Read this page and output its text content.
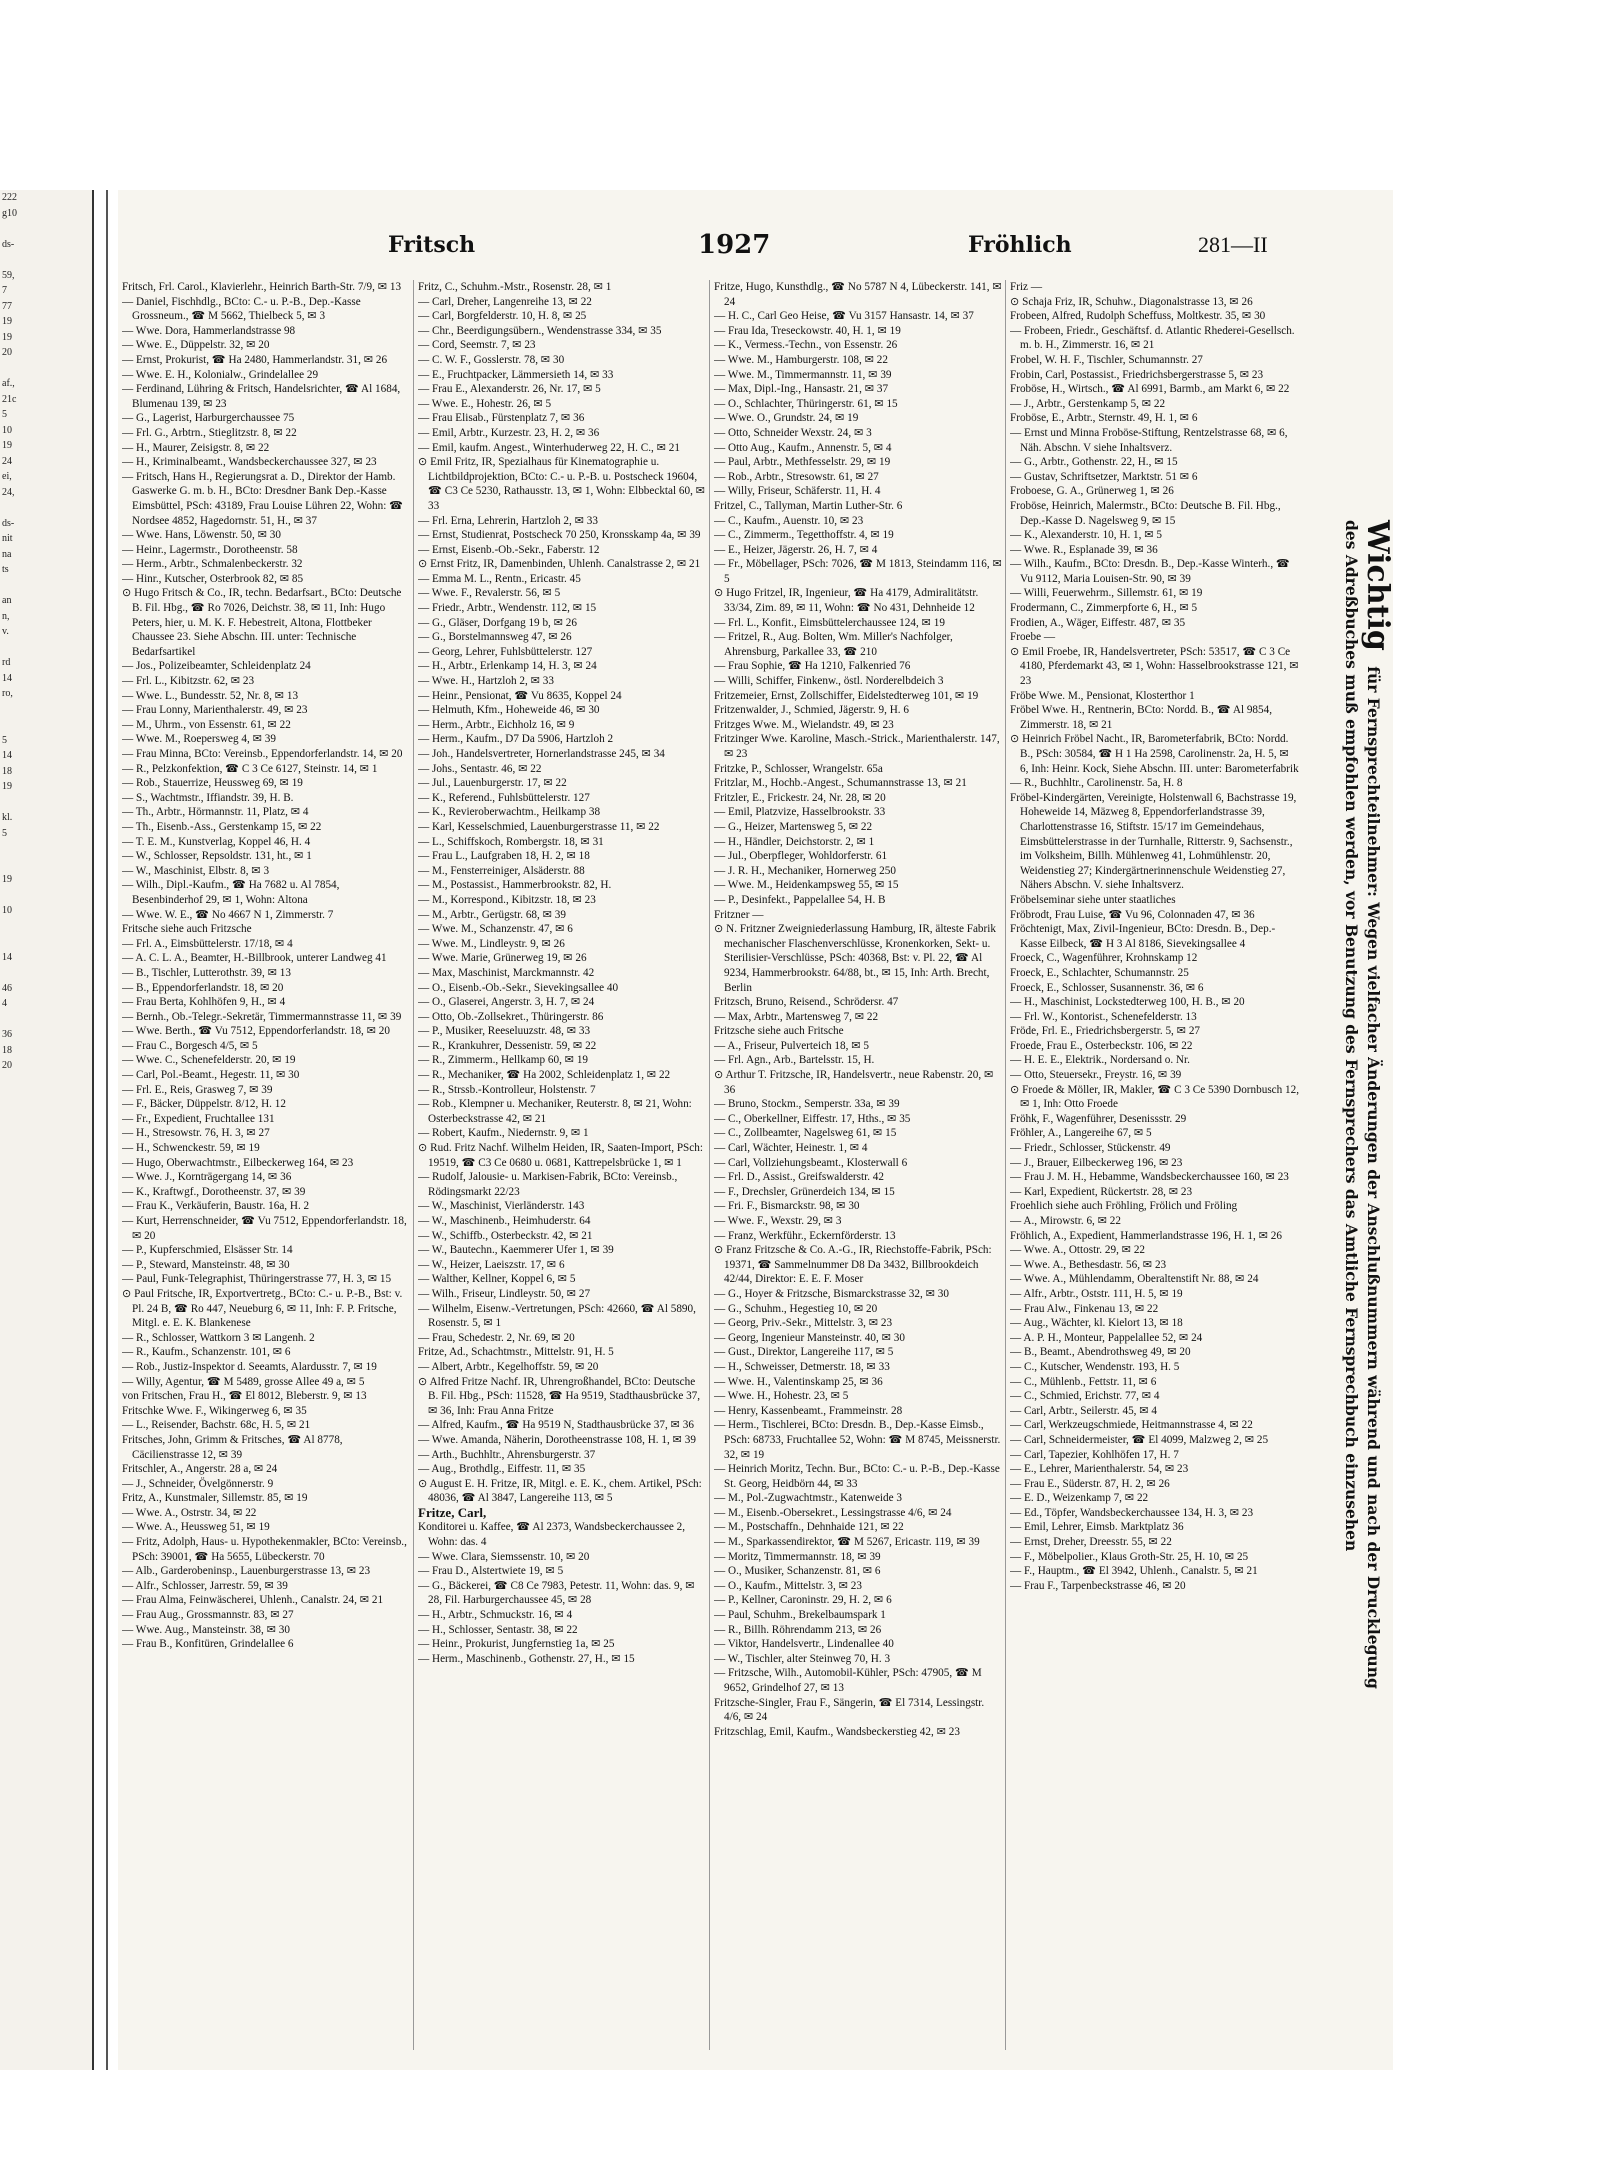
222
g10
ds-
59,
7
77
19
19
20
af.,
21c
5
10
19
24
ei,
24,
ds-
nit
na
ts
an
n,
v.
rd
14
ro,
5
14
18
19
kl.
5
19
10
14
46
4
36
18
20
Fritsch	1927	Fröhlich	281—II

Fritsch, Frl. Carol., Klavierlehr., Heinrich Barth-Str. 7/9, ✉ 13

— Daniel, Fischhdlg., BCto: C.- u. P.-B., Dep.-Kasse Grossneum., ☎ M 5662, Thielbeck 5, ✉ 3

— Wwe. Dora, Hammerlandstrasse 98

— Wwe. E., Düppelstr. 32, ✉ 20

— Ernst, Prokurist, ☎ Ha 2480, Hammerlandstr. 31, ✉ 26

— Wwe. E. H., Kolonialw., Grindelallee 29

— Ferdinand, Lühring & Fritsch, Handelsrichter, ☎ Al 1684, Blumenau 139, ✉ 23

— G., Lagerist, Harburgerchaussee 75

— Frl. G., Arbtrn., Stieglitzstr. 8, ✉ 22

— H., Maurer, Zeisigstr. 8, ✉ 22

— H., Kriminalbeamt., Wandsbeckerchaussee 327, ✉ 23

— Fritsch, Hans H., Regierungsrat a. D., Direktor der Hamb. Gaswerke G. m. b. H., BCto: Dresdner Bank Dep.-Kasse Eimsbüttel, PSch: 43189, Frau Louise Lühren 22, Wohn: ☎ Nordsee 4852, Hagedornstr. 51, H., ✉ 37

— Wwe. Hans, Löwenstr. 50, ✉ 30

— Heinr., Lagermstr., Dorotheenstr. 58

— Herm., Arbtr., Schmalenbeckerstr. 32

— Hinr., Kutscher, Osterbrook 82, ✉ 85

⊙ Hugo Fritsch & Co., IR, techn. Bedarfsart., BCto: Deutsche B. Fil. Hbg., ☎ Ro 7026, Deichstr. 38, ✉ 11, Inh: Hugo Peters, hier, u. M. K. F. Hebestreit, Altona, Flottbeker Chaussee 23. Siehe Abschn. III. unter: Technische Bedarfsartikel

— Jos., Polizeibeamter, Schleidenplatz 24

— Frl. L., Kibitzstr. 62, ✉ 23

— Wwe. L., Bundesstr. 52, Nr. 8, ✉ 13

— Frau Lonny, Marienthalerstr. 49, ✉ 23

— M., Uhrm., von Essenstr. 61, ✉ 22

— Wwe. M., Roepersweg 4, ✉ 39

— Frau Minna, BCto: Vereinsb., Eppendorferlandstr. 14, ✉ 20

— R., Pelzkonfektion, ☎ C 3 Ce 6127, Steinstr. 14, ✉ 1

— Rob., Stauerrize, Heussweg 69, ✉ 19

— S., Wachtmstr., Iffiandstr. 39, H. B.

— Th., Arbtr., Hörmannstr. 11, Platz, ✉ 4

— Th., Eisenb.-Ass., Gerstenkamp 15, ✉ 22

— T. E. M., Kunstverlag, Koppel 46, H. 4

— W., Schlosser, Repsoldstr. 131, ht., ✉ 1

— W., Maschinist, Elbstr. 8, ✉ 3

— Wilh., Dipl.-Kaufm., ☎ Ha 7682 u. Al 7854, Besenbinderhof 29, ✉ 1, Wohn: Altona

— Wwe. W. E., ☎ No 4667 N 1, Zimmerstr. 7

Fritsche siehe auch Fritzsche

— Frl. A., Eimsbüttelerstr. 17/18, ✉ 4

— A. C. L. A., Beamter, H.-Billbrook, unterer Landweg 41

— B., Tischler, Lutterothstr. 39, ✉ 13

— B., Eppendorferlandstr. 18, ✉ 20

— Frau Berta, Kohlhöfen 9, H., ✉ 4

— Bernh., Ob.-Telegr.-Sekretär, Timmermannstrasse 11, ✉ 39

— Wwe. Berth., ☎ Vu 7512, Eppendorferlandstr. 18, ✉ 20

— Frau C., Borgesch 4/5, ✉ 5

— Wwe. C., Schenefelderstr. 20, ✉ 19

— Carl, Pol.-Beamt., Hegestr. 11, ✉ 30

— Frl. E., Reis, Grasweg 7, ✉ 39

— F., Bäcker, Düppelstr. 8/12, H. 12

— Fr., Expedient, Fruchtallee 131

— H., Stresowstr. 76, H. 3, ✉ 27

— H., Schwenckestr. 59, ✉ 19

— Hugo, Oberwachtmstr., Eilbeckerweg 164, ✉ 23

— Wwe. J., Kornträgergang 14, ✉ 36

— K., Kraftwgf., Dorotheenstr. 37, ✉ 39

— Frau K., Verkäuferin, Baustr. 16a, H. 2

— Kurt, Herrenschneider, ☎ Vu 7512, Eppendorferlandstr. 18, ✉ 20

— P., Kupferschmied, Elsässer Str. 14

— P., Steward, Mansteinstr. 48, ✉ 30

— Paul, Funk-Telegraphist, Thüringerstrasse 77, H. 3, ✉ 15

⊙ Paul Fritsche, IR, Exportvertretg., BCto: C.- u. P.-B., Bst: v. Pl. 24 B, ☎ Ro 447, Neueburg 6, ✉ 11, Inh: F. P. Fritsche, Mitgl. e. E. K. Blankenese

— R., Schlosser, Wattkorn 3 ✉ Langenh. 2

— R., Kaufm., Schanzenstr. 101, ✉ 6

— Rob., Justiz-Inspektor d. Seeamts, Alardusstr. 7, ✉ 19

— Willy, Agentur, ☎ M 5489, grosse Allee 49 a, ✉ 5

von Fritschen, Frau H., ☎ El 8012, Bleberstr. 9, ✉ 13

Fritschke Wwe. F., Wikingerweg 6, ✉ 35

— L., Reisender, Bachstr. 68c, H. 5, ✉ 21

Fritsches, John, Grimm & Fritsches, ☎ Al 8778, Cäcilienstrasse 12, ✉ 39

Fritschler, A., Angerstr. 28 a, ✉ 24

— J., Schneider, Övelgönnerstr. 9

Fritz, A., Kunstmaler, Sillemstr. 85, ✉ 19

— Wwe. A., Ostrstr. 34, ✉ 22

— Wwe. A., Heussweg 51, ✉ 19

— Fritz, Adolph, Haus- u. Hypothekenmakler, BCto: Vereinsb., PSch: 39001, ☎ Ha 5655, Lübeckerstr. 70

— Alb., Garderobeninsp., Lauenburgerstrasse 13, ✉ 23

— Alfr., Schlosser, Jarrestr. 59, ✉ 39

— Frau Alma, Feinwäscherei, Uhlenh., Canalstr. 24, ✉ 21

— Frau Aug., Grossmannstr. 83, ✉ 27

— Wwe. Aug., Mansteinstr. 38, ✉ 30

— Frau B., Konfitüren, Grindelallee 6

Fritz, C., Schuhm.-Mstr., Rosenstr. 28, ✉ 1

— Carl, Dreher, Langenreihe 13, ✉ 22

— Carl, Borgfelderstr. 10, H. 8, ✉ 25

— Chr., Beerdigungsübern., Wendenstrasse 334, ✉ 35

— Cord, Seemstr. 7, ✉ 23

— C. W. F., Gosslerstr. 78, ✉ 30

— E., Fruchtpacker, Lämmersieth 14, ✉ 33

— Frau E., Alexanderstr. 26, Nr. 17, ✉ 5

— Wwe. E., Hohestr. 26, ✉ 5

— Frau Elisab., Fürstenplatz 7, ✉ 36

— Emil, Arbtr., Kurzestr. 23, H. 2, ✉ 36

— Emil, kaufm. Angest., Winterhuderweg 22, H. C., ✉ 21

⊙ Emil Fritz, IR, Spezialhaus für Kinematographie u. Lichtbildprojektion, BCto: C.- u. P.-B. u. Postscheck 19604, ☎ C3 Ce 5230, Rathausstr. 13, ✉ 1, Wohn: Elbbecktal 60, ✉ 33

— Frl. Erna, Lehrerin, Hartzloh 2, ✉ 33

— Ernst, Studienrat, Postscheck 70 250, Kronsskamp 4a, ✉ 39

— Ernst, Eisenb.-Ob.-Sekr., Faberstr. 12

⊙ Ernst Fritz, IR, Damenbinden, Uhlenh. Canalstrasse 2, ✉ 21

— Emma M. L., Rentn., Ericastr. 45

— Wwe. F., Revalerstr. 56, ✉ 5

— Friedr., Arbtr., Wendenstr. 112, ✉ 15

— G., Gläser, Dorfgang 19 b, ✉ 26

— G., Borstelmannsweg 47, ✉ 26

— Georg, Lehrer, Fuhlsbüttelerstr. 127

— H., Arbtr., Erlenkamp 14, H. 3, ✉ 24

— Wwe. H., Hartzloh 2, ✉ 33

— Heinr., Pensionat, ☎ Vu 8635, Koppel 24

— Helmuth, Kfm., Hoheweide 46, ✉ 30

— Herm., Arbtr., Eichholz 16, ✉ 9

— Herm., Kaufm., D7 Da 5906, Hartzloh 2

— Joh., Handelsvertreter, Hornerlandstrasse 245, ✉ 34

— Johs., Sentastr. 46, ✉ 22

— Jul., Lauenburgerstr. 17, ✉ 22

— K., Referend., Fuhlsbüttelerstr. 127

— K., Revieroberwachtm., Heilkamp 38

— Karl, Kesselschmied, Lauenburgerstrasse 11, ✉ 22

— L., Schiffskoch, Rombergstr. 18, ✉ 31

— Frau L., Laufgraben 18, H. 2, ✉ 18

— M., Fensterreiniger, Alsäderstr. 88

— M., Postassist., Hammerbrookstr. 82, H.

— M., Korrespond., Kibitzstr. 18, ✉ 23

— M., Arbtr., Gerügstr. 68, ✉ 39

— Wwe. M., Schanzenstr. 47, ✉ 6

— Wwe. M., Lindleystr. 9, ✉ 26

— Wwe. Marie, Grünerweg 19, ✉ 26

— Max, Maschinist, Marckmannstr. 42

— O., Eisenb.-Ob.-Sekr., Sievekingsallee 40

— O., Glaserei, Angerstr. 3, H. 7, ✉ 24

— Otto, Ob.-Zollsekret., Thüringerstr. 86

— P., Musiker, Reeseluuzstr. 48, ✉ 33

— R., Krankuhrer, Dessenistr. 59, ✉ 22

— R., Zimmerm., Hellkamp 60, ✉ 19

— R., Mechaniker, ☎ Ha 2002, Schleidenplatz 1, ✉ 22

— R., Strssb.-Kontrolleur, Holstenstr. 7

— Rob., Klempner u. Mechaniker, Reuterstr. 8, ✉ 21, Wohn: Osterbeckstrasse 42, ✉ 21

— Robert, Kaufm., Niedernstr. 9, ✉ 1

⊙ Rud. Fritz Nachf. Wilhelm Heiden, IR, Saaten-Import, PSch: 19519, ☎ C3 Ce 0680 u. 0681, Kattrepelsbrücke 1, ✉ 1

— Rudolf, Jalousie- u. Markisen-Fabrik, BCto: Vereinsb., Rödingsmarkt 22/23

— W., Maschinist, Vierländerstr. 143

— W., Maschinenb., Heimhuderstr. 64

— W., Schiffb., Osterbeckstr. 42, ✉ 21

— W., Bautechn., Kaemmerer Ufer 1, ✉ 39

— W., Heizer, Laeiszstr. 17, ✉ 6

— Walther, Kellner, Koppel 6, ✉ 5

— Wilh., Friseur, Lindleystr. 50, ✉ 27

— Wilhelm, Eisenw.-Vertretungen, PSch: 42660, ☎ Al 5890, Rosenstr. 5, ✉ 1

— Frau, Schedestr. 2, Nr. 69, ✉ 20

Fritze, Ad., Schachtmstr., Mittelstr. 91, H. 5

— Albert, Arbtr., Kegelhoffstr. 59, ✉ 20

⊙ Alfred Fritze Nachf. IR, Uhrengroßhandel, BCto: Deutsche B. Fil. Hbg., PSch: 11528, ☎ Ha 9519, Stadthausbrücke 37, ✉ 36, Inh: Frau Anna Fritze

— Alfred, Kaufm., ☎ Ha 9519 N, Stadthausbrücke 37, ✉ 36

— Wwe. Amanda, Näherin, Dorotheenstrasse 108, H. 1, ✉ 39

— Arth., Buchhltr., Ahrensburgerstr. 37

— Aug., Brothdlg., Eiffestr. 11, ✉ 35

⊙ August E. H. Fritze, IR, Mitgl. e. E. K., chem. Artikel, PSch: 48036, ☎ Al 3847, Langereihe 113, ✉ 5

Fritze, Carl,

Konditorei u. Kaffee, ☎ Al 2373, Wandsbeckerchaussee 2, Wohn: das. 4

— Wwe. Clara, Siemssenstr. 10, ✉ 20

— Frau D., Alstertwiete 19, ✉ 5

— G., Bäckerei, ☎ C8 Ce 7983, Petestr. 11, Wohn: das. 9, ✉ 28, Fil. Harburgerchaussee 45, ✉ 28

— H., Arbtr., Schmuckstr. 16, ✉ 4

— H., Schlosser, Sentastr. 38, ✉ 22

— Heinr., Prokurist, Jungfernstieg 1a, ✉ 25

— Herm., Maschinenb., Gothenstr. 27, H., ✉ 15

Fritze, Hugo, Kunsthdlg., ☎ No 5787 N 4, Lübeckerstr. 141, ✉ 24

— H. C., Carl Geo Heise, ☎ Vu 3157 Hansastr. 14, ✉ 37

— Frau Ida, Treseckowstr. 40, H. 1, ✉ 19

— K., Vermess.-Techn., von Essenstr. 26

— Wwe. M., Hamburgerstr. 108, ✉ 22

— Wwe. M., Timmermannstr. 11, ✉ 39

— Max, Dipl.-Ing., Hansastr. 21, ✉ 37

— O., Schlachter, Thüringerstr. 61, ✉ 15

— Wwe. O., Grundstr. 24, ✉ 19

— Otto, Schneider Wexstr. 24, ✉ 3

— Otto Aug., Kaufm., Annenstr. 5, ✉ 4

— Paul, Arbtr., Methfesselstr. 29, ✉ 19

— Rob., Arbtr., Stresowstr. 61, ✉ 27

— Willy, Friseur, Schäferstr. 11, H. 4

Fritzel, C., Tallyman, Martin Luther-Str. 6

— C., Kaufm., Auenstr. 10, ✉ 23

— C., Zimmerm., Tegetthoffstr. 4, ✉ 19

— E., Heizer, Jägerstr. 26, H. 7, ✉ 4

— Fr., Möbellager, PSch: 7026, ☎ M 1813, Steindamm 116, ✉ 5

⊙ Hugo Fritzel, IR, Ingenieur, ☎ Ha 4179, Admiralitätstr. 33/34, Zim. 89, ✉ 11, Wohn: ☎ No 431, Dehnheide 12

— Frl. L., Konfit., Eimsbüttelerchaussee 124, ✉ 19

— Fritzel, R., Aug. Bolten, Wm. Miller's Nachfolger, Ahrensburg, Parkallee 33, ☎ 210

— Frau Sophie, ☎ Ha 1210, Falkenried 76

— Willi, Schiffer, Finkenw., östl. Norderelbdeich 3

Fritzemeier, Ernst, Zollschiffer, Eidelstedterweg 101, ✉ 19

Fritzenwalder, J., Schmied, Jägerstr. 9, H. 6

Fritzges Wwe. M., Wielandstr. 49, ✉ 23

Fritzinger Wwe. Karoline, Masch.-Strick., Marienthalerstr. 147, ✉ 23

Fritzke, P., Schlosser, Wrangelstr. 65a

Fritzlar, M., Hochb.-Angest., Schumannstrasse 13, ✉ 21

Fritzler, E., Frickestr. 24, Nr. 28, ✉ 20

— Emil, Platzvize, Hasselbrookstr. 33

— G., Heizer, Martensweg 5, ✉ 22

— H., Händler, Deichstorstr. 2, ✉ 1

— Jul., Oberpfleger, Wohldorferstr. 61

— J. R. H., Mechaniker, Hornerweg 250

— Wwe. M., Heidenkampsweg 55, ✉ 15

— P., Desinfekt., Pappelallee 54, H. B

Fritzner —

⊙ N. Fritzner Zweigniederlassung Hamburg, IR, älteste Fabrik mechanischer Flaschenverschlüsse, Kronenkorken, Sekt- u. Sterilisier-Verschlüsse, PSch: 40368, Bst: v. Pl. 22, ☎ Al 9234, Hammerbrookstr. 64/88, bt., ✉ 15, Inh: Arth. Brecht, Berlin

Fritzsch, Bruno, Reisend., Schrödersr. 47

— Max, Arbtr., Martensweg 7, ✉ 22

Fritzsche siehe auch Fritsche

— A., Friseur, Pulverteich 18, ✉ 5

— Frl. Agn., Arb., Bartelsstr. 15, H.

⊙ Arthur T. Fritzsche, IR, Handelsvertr., neue Rabenstr. 20, ✉ 36

— Bruno, Stockm., Semperstr. 33a, ✉ 39

— C., Oberkellner, Eiffestr. 17, Hths., ✉ 35

— C., Zollbeamter, Nagelsweg 61, ✉ 15

— Carl, Wächter, Heinestr. 1, ✉ 4

— Carl, Vollziehungsbeamt., Klosterwall 6

— Frl. D., Assist., Greifswalderstr. 42

— F., Drechsler, Grünerdeich 134, ✉ 15

— Fri. F., Bismarckstr. 98, ✉ 30

— Wwe. F., Wexstr. 29, ✉ 3

— Franz, Werkführ., Eckernförderstr. 13

⊙ Franz Fritzsche & Co. A.-G., IR, Riechstoffe-Fabrik, PSch: 19371, ☎ Sammelnummer D8 Da 3432, Billbrookdeich 42/44, Direktor: E. E. F. Moser

— G., Hoyer & Fritzsche, Bismarckstrasse 32, ✉ 30

— G., Schuhm., Hegestieg 10, ✉ 20

— Georg, Priv.-Sekr., Mittelstr. 3, ✉ 23

— Georg, Ingenieur Mansteinstr. 40, ✉ 30

— Gust., Direktor, Langereihe 117, ✉ 5

— H., Schweisser, Detmerstr. 18, ✉ 33

— Wwe. H., Valentinskamp 25, ✉ 36

— Wwe. H., Hohestr. 23, ✉ 5

— Henry, Kassenbeamt., Frammeinstr. 28

— Herm., Tischlerei, BCto: Dresdn. B., Dep.-Kasse Eimsb., PSch: 68733, Fruchtallee 52, Wohn: ☎ M 8745, Meissnerstr. 32, ✉ 19

— Heinrich Moritz, Techn. Bur., BCto: C.- u. P.-B., Dep.-Kasse St. Georg, Heidbörn 44, ✉ 33

— M., Pol.-Zugwachtmstr., Katenweide 3

— M., Eisenb.-Obersekret., Lessingstrasse 4/6, ✉ 24

— M., Postschaffn., Dehnhaide 121, ✉ 22

— M., Sparkassendirektor, ☎ M 5267, Ericastr. 119, ✉ 39

— Moritz, Timmermannstr. 18, ✉ 39

— O., Musiker, Schanzenstr. 81, ✉ 6

— O., Kaufm., Mittelstr. 3, ✉ 23

— P., Kellner, Caroninstr. 29, H. 2, ✉ 6

— Paul, Schuhm., Brekelbaumspark 1

— R., Billh. Röhrendamm 213, ✉ 26

— Viktor, Handelsvertr., Lindenallee 40

— W., Tischler, alter Steinweg 70, H. 3

— Fritzsche, Wilh., Automobil-Kühler, PSch: 47905, ☎ M 9652, Grindelhof 27, ✉ 13

Fritzsche-Singler, Frau F., Sängerin, ☎ El 7314, Lessingstr. 4/6, ✉ 24

Fritzschlag, Emil, Kaufm., Wandsbeckerstieg 42, ✉ 23

Friz —

⊙ Schaja Friz, IR, Schuhw., Diagonalstrasse 13, ✉ 26

Frobeen, Alfred, Rudolph Scheffuss, Moltkestr. 35, ✉ 30

— Frobeen, Friedr., Geschäftsf. d. Atlantic Rhederei-Gesellsch. m. b. H., Zimmerstr. 16, ✉ 21

Frobel, W. H. F., Tischler, Schumannstr. 27

Frobin, Carl, Postassist., Friedrichsbergerstrasse 5, ✉ 23

Froböse, H., Wirtsch., ☎ Al 6991, Barmb., am Markt 6, ✉ 22

— J., Arbtr., Gerstenkamp 5, ✉ 22

Froböse, E., Arbtr., Sternstr. 49, H. 1, ✉ 6

— Ernst und Minna Froböse-Stiftung, Rentzelstrasse 68, ✉ 6, Näh. Abschn. V siehe Inhaltsverz.

— G., Arbtr., Gothenstr. 22, H., ✉ 15

— Gustav, Schriftsetzer, Marktstr. 51 ✉ 6

Froboese, G. A., Grünerweg 1, ✉ 26

Froböse, Heinrich, Malermstr., BCto: Deutsche B. Fil. Hbg., Dep.-Kasse D. Nagelsweg 9, ✉ 15

— K., Alexanderstr. 10, H. 1, ✉ 5

— Wwe. R., Esplanade 39, ✉ 36

— Wilh., Kaufm., BCto: Dresdn. B., Dep.-Kasse Winterh., ☎ Vu 9112, Maria Louisen-Str. 90, ✉ 39

— Willi, Feuerwehrm., Sillemstr. 61, ✉ 19

Frodermann, C., Zimmerpforte 6, H., ✉ 5

Frodien, A., Wäger, Eiffestr. 487, ✉ 35

Froebe —

⊙ Emil Froebe, IR, Handelsvertreter, PSch: 53517, ☎ C 3 Ce 4180, Pferdemarkt 43, ✉ 1, Wohn: Hasselbrookstrasse 121, ✉ 23

Fröbe Wwe. M., Pensionat, Klosterthor 1

Fröbel Wwe. H., Rentnerin, BCto: Nordd. B., ☎ Al 9854, Zimmerstr. 18, ✉ 21

⊙ Heinrich Fröbel Nacht., IR, Barometerfabrik, BCto: Nordd. B., PSch: 30584, ☎ H 1 Ha 2598, Carolinenstr. 2a, H. 5, ✉ 6, Inh: Heinr. Kock, Siehe Abschn. III. unter: Barometerfabrik

— R., Buchhltr., Carolinenstr. 5a, H. 8

Fröbel-Kindergärten, Vereinigte, Holstenwall 6, Bachstrasse 19, Hoheweide 14, Mäzweg 8, Eppendorferlandstrasse 39, Charlottenstrasse 16, Stiftstr. 15/17 im Gemeindehaus, Eimsbüttelerstrasse in der Turnhalle, Ritterstr. 9, Sachsenstr., im Volksheim, Billh. Mühlenweg 41, Lohmühlenstr. 20, Weidenstieg 27; Kindergärtnerinnenschule Weidenstieg 27, Nähers Abschn. V. siehe Inhaltsverz.

Fröbelseminar siehe unter staatliches

Fröbrodt, Frau Luise, ☎ Vu 96, Colonnaden 47, ✉ 36

Fröchtenigt, Max, Zivil-Ingenieur, BCto: Dresdn. B., Dep.-Kasse Eilbeck, ☎ H 3 Al 8186, Sievekingsallee 4

Froeck, C., Wagenführer, Krohnskamp 12

Froeck, E., Schlachter, Schumannstr. 25

Froeck, E., Schlosser, Susannenstr. 36, ✉ 6

— H., Maschinist, Lockstedterweg 100, H. B., ✉ 20

— Frl. W., Kontorist., Schenefelderstr. 13

Fröde, Frl. E., Friedrichsbergerstr. 5, ✉ 27

Froede, Frau E., Osterbeckstr. 106, ✉ 22

— H. E. E., Elektrik., Nordersand o. Nr.

— Otto, Steuersekr., Freystr. 16, ✉ 39

⊙ Froede & Möller, IR, Makler, ☎ C 3 Ce 5390 Dornbusch 12, ✉ 1, Inh: Otto Froede

Fröhk, F., Wagenführer, Desenissstr. 29

Fröhler, A., Langereihe 67, ✉ 5

— Friedr., Schlosser, Stückenstr. 49

— J., Brauer, Eilbeckerweg 196, ✉ 23

— Frau J. M. H., Hebamme, Wandsbeckerchaussee 160, ✉ 23

— Karl, Expedient, Rückertstr. 28, ✉ 23

Froehlich siehe auch Fröhling, Frölich und Fröling

— A., Mirowstr. 6, ✉ 22

Fröhlich, A., Expedient, Hammerlandstrasse 196, H. 1, ✉ 26

— Wwe. A., Ottostr. 29, ✉ 22

— Wwe. A., Bethesdastr. 56, ✉ 23

— Wwe. A., Mühlendamm, Oberaltenstift Nr. 88, ✉ 24

— Alfr., Arbtr., Oststr. 111, H. 5, ✉ 19

— Frau Alw., Finkenau 13, ✉ 22

— Aug., Wächter, kl. Kielort 13, ✉ 18

— A. P. H., Monteur, Pappelallee 52, ✉ 24

— B., Beamt., Abendrothsweg 49, ✉ 20

— C., Kutscher, Wendenstr. 193, H. 5

— C., Mühlenb., Fettstr. 11, ✉ 6

— C., Schmied, Erichstr. 77, ✉ 4

— Carl, Arbtr., Seilerstr. 45, ✉ 4

— Carl, Werkzeugschmiede, Heitmannstrasse 4, ✉ 22

— Carl, Schneidermeister, ☎ El 4099, Malzweg 2, ✉ 25

— Carl, Tapezier, Kohlhöfen 17, H. 7

— E., Lehrer, Marienthalerstr. 54, ✉ 23

— Frau E., Süderstr. 87, H. 2, ✉ 26

— E. D., Weizenkamp 7, ✉ 22

— Ed., Töpfer, Wandsbeckerchaussee 134, H. 3, ✉ 23

— Emil, Lehrer, Eimsb. Marktplatz 36

— Ernst, Dreher, Dreesstr. 55, ✉ 22

— F., Möbelpolier., Klaus Groth-Str. 25, H. 10, ✉ 25

— F., Hauptm., ☎ El 3942, Uhlenh., Canalstr. 5, ✉ 21

— Frau F., Tarpenbeckstrasse 46, ✉ 20

Wichtig für Fernsprechteilnehmer: Wegen vielfacher Änderungen der Anschlußnummern während und nach der Drucklegung
des Adreßbuches muß empfohlen werden, vor Benutzung des Fernsprechers das Amtliche Fernsprechbuch einzusehen
